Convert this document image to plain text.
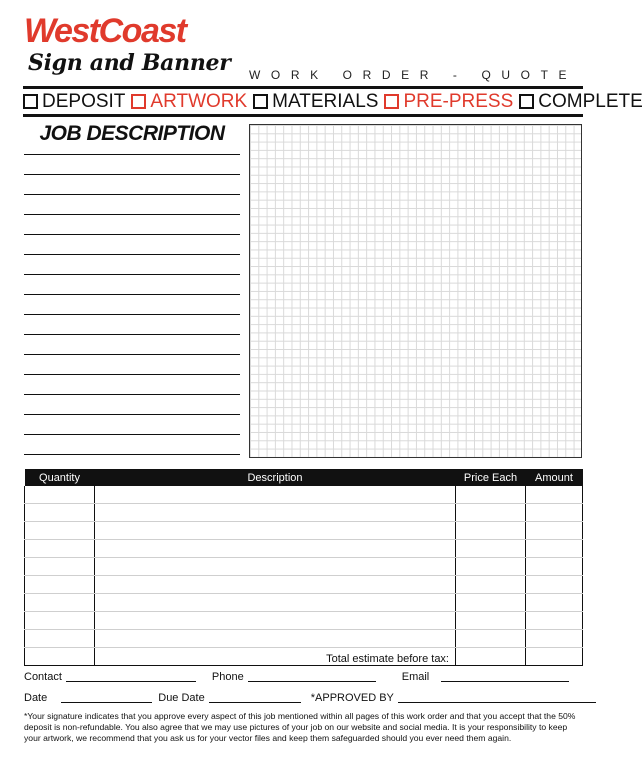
WestCoast
Sign and Banner WORK ORDER - QUOTE
DEPOSIT ARTWORK MATERIALS PRE-PRESS COMPLETE
JOB DESCRIPTION
Quantity	Description	Price Each	Amount

	Total estimate before tax:		
Contact	Phone	Email
Date	Due Date	*APPROVED BY
*Your signature indicates that you approve every aspect of this job mentioned within all pages of this work order and that you accept that the 50% deposit is non-refundable. You also agree that we may use pictures of your job on our website and social media. It is your responsibility to keep your artwork, we recommend that you ask us for your vector files and keep them safeguarded should you ever need them again.
